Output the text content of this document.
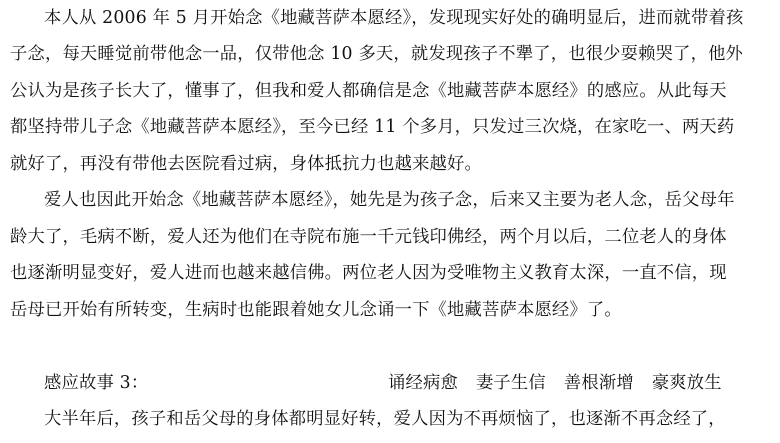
本人从 2006 年 5 月开始念《地藏菩萨本愿经》，发现现实好处的确明显后，进而就带着孩
子念，每天睡觉前带他念一品，仅带他念 10 多天，就发现孩子不犟了，也很少耍赖哭了，他外
公认为是孩子长大了，懂事了，但我和爱人都确信是念《地藏菩萨本愿经》的感应。从此每天
都坚持带儿子念《地藏菩萨本愿经》，至今已经 11 个多月，只发过三次烧，在家吃一、两天药
就好了，再没有带他去医院看过病，身体抵抗力也越来越好。
爱人也因此开始念《地藏菩萨本愿经》，她先是为孩子念，后来又主要为老人念，岳父母年
龄大了，毛病不断，爱人还为他们在寺院布施一千元钱印佛经，两个月以后，二位老人的身体
也逐渐明显变好，爱人进而也越来越信佛。两位老人因为受唯物主义教育太深，一直不信，现
岳母已开始有所转变，生病时也能跟着她女儿念诵一下《地藏菩萨本愿经》了。
感应故事 3：	诵经病愈 妻子生信 善根渐增 豪爽放生
大半年后，孩子和岳父母的身体都明显好转，爱人因为不再烦恼了，也逐渐不再念经了，
